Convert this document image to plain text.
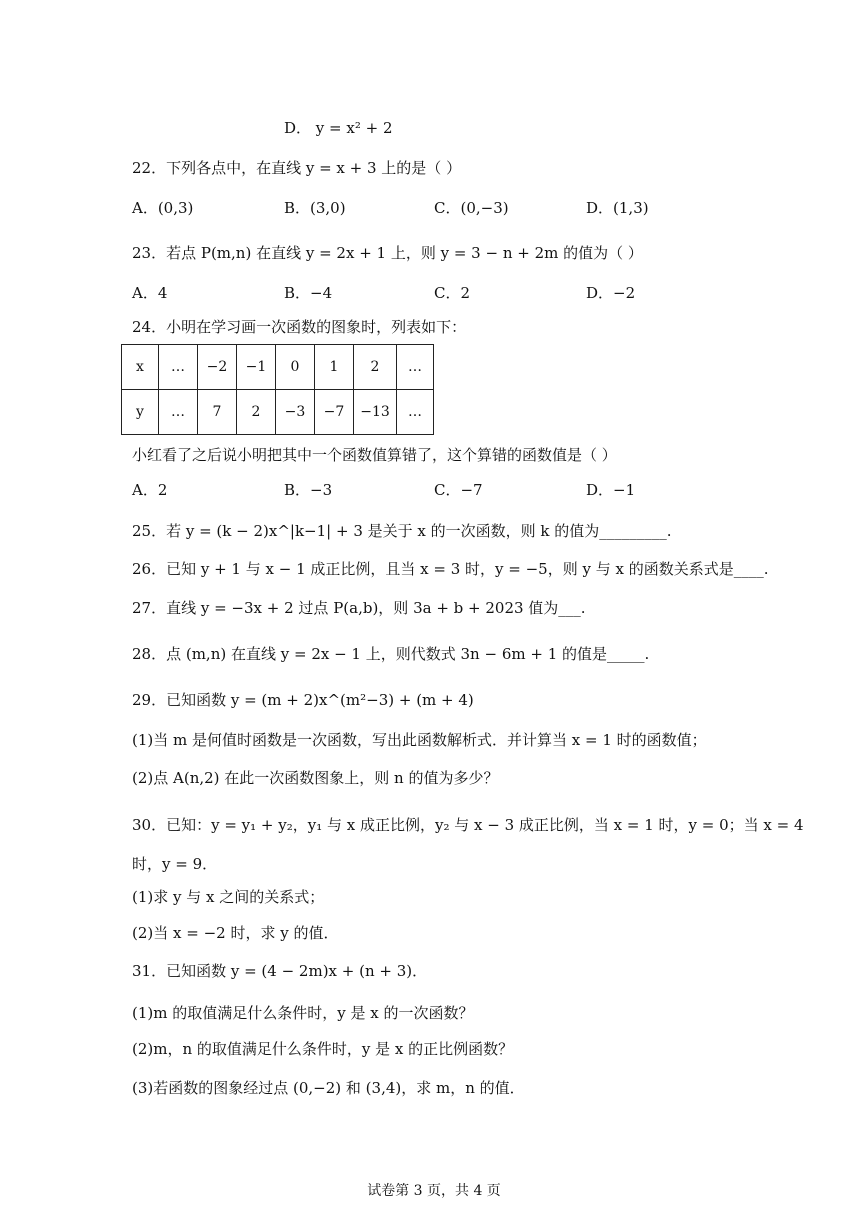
D． y = x² + 2
22．下列各点中，在直线 y = x + 3 上的是（ ）
A．(0,3)	B．(3,0)	C．(0,−3)	D．(1,3)
23．若点 P(m,n) 在直线 y = 2x + 1 上，则 y = 3 − n + 2m 的值为（ ）
A．4	B．−4	C．2	D．−2
24．小明在学习画一次函数的图象时，列表如下：
x	…	−2	−1	0	1	2	…
y	…	7	2	−3	−7	−13	…
小红看了之后说小明把其中一个函数值算错了，这个算错的函数值是（ ）
A．2	B．−3	C．−7	D．−1
25．若 y = (k − 2)x^|k−1| + 3 是关于 x 的一次函数，则 k 的值为_________.
26．已知 y + 1 与 x − 1 成正比例，且当 x = 3 时，y = −5，则 y 与 x 的函数关系式是____.
27．直线 y = −3x + 2 过点 P(a,b)，则 3a + b + 2023 值为___.
28．点 (m,n) 在直线 y = 2x − 1 上，则代数式 3n − 6m + 1 的值是_____.
29．已知函数 y = (m + 2)x^(m²−3) + (m + 4)
(1)当 m 是何值时函数是一次函数，写出此函数解析式．并计算当 x = 1 时的函数值；
(2)点 A(n,2) 在此一次函数图象上，则 n 的值为多少？
30．已知：y = y₁ + y₂，y₁ 与 x 成正比例，y₂ 与 x − 3 成正比例，当 x = 1 时，y = 0；当 x = 4
时，y = 9．
(1)求 y 与 x 之间的关系式；
(2)当 x = −2 时，求 y 的值．
31．已知函数 y = (4 − 2m)x + (n + 3)．
(1)m 的取值满足什么条件时，y 是 x 的一次函数？
(2)m，n 的取值满足什么条件时，y 是 x 的正比例函数？
(3)若函数的图象经过点 (0,−2) 和 (3,4)，求 m，n 的值．
试卷第 3 页，共 4 页
